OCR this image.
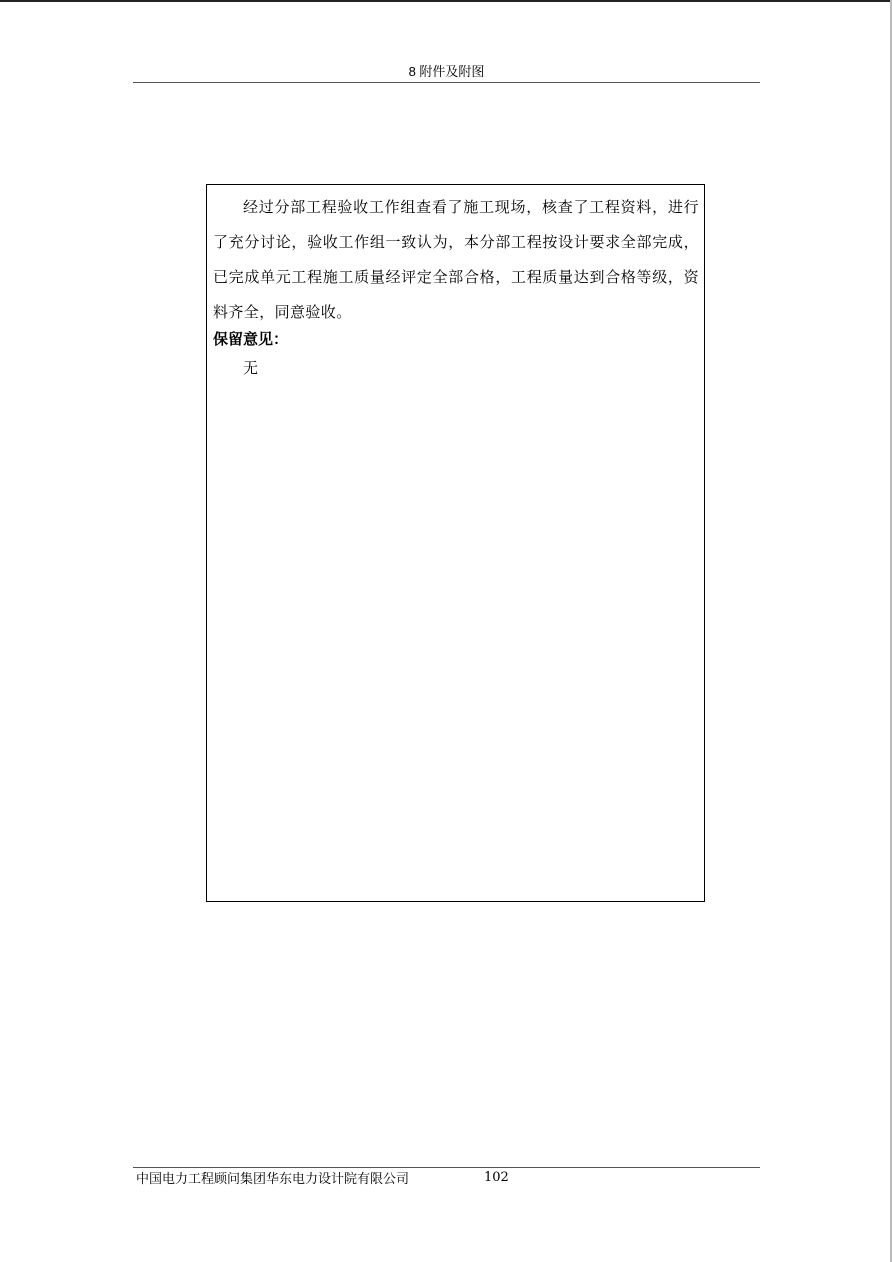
8 附件及附图

经过分部工程验收工作组查看了施工现场，核查了工程资料，进行了充分讨论，验收工作组一致认为，本分部工程按设计要求全部完成，已完成单元工程施工质量经评定全部合格，工程质量达到合格等级，资料齐全，同意验收。

保留意见：

无

中国电力工程顾问集团华东电力设计院有限公司	102
